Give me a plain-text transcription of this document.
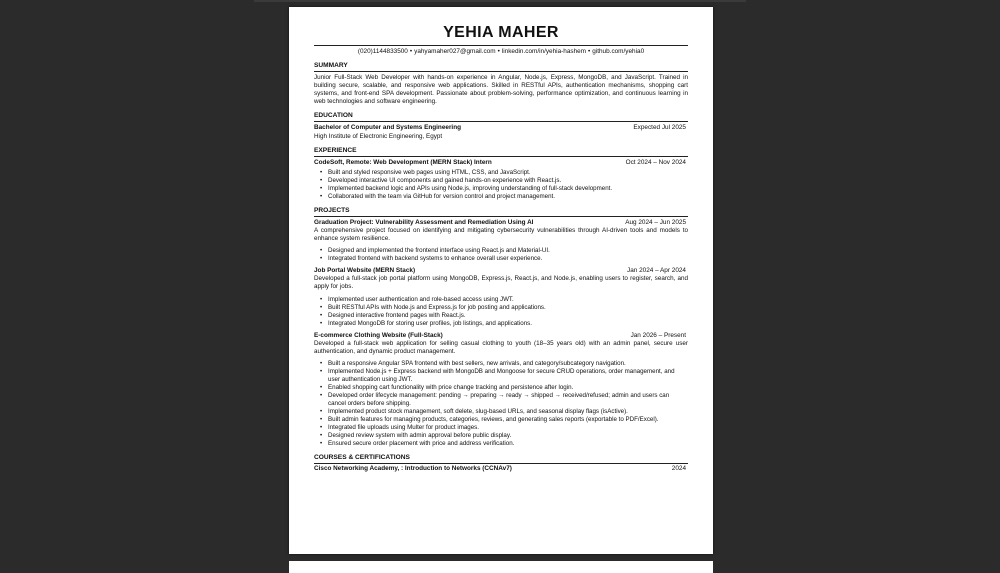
YEHIA MAHER
(020)1144833500 • yahyamaher027@gmail.com • linkedin.com/in/yehia-hashem • github.com/yehia0
SUMMARY
Junior Full-Stack Web Developer with hands-on experience in Angular, Node.js, Express, MongoDB, and JavaScript. Trained in building secure, scalable, and responsive web applications. Skilled in RESTful APIs, authentication mechanisms, shopping cart systems, and front-end SPA development. Passionate about problem-solving, performance optimization, and continuous learning in web technologies and software engineering.
EDUCATION
Bachelor of Computer and Systems Engineering	Expected Jul 2025
High Institute of Electronic Engineering, Egypt
EXPERIENCE
CodeSoft, Remote: Web Development (MERN Stack) Intern	Oct 2024 – Nov 2024
• Built and styled responsive web pages using HTML, CSS, and JavaScript.
• Developed interactive UI components and gained hands-on experience with React.js.
• Implemented backend logic and APIs using Node.js, improving understanding of full-stack development.
• Collaborated with the team via GitHub for version control and project management.
PROJECTS
Graduation Project: Vulnerability Assessment and Remediation Using AI	Aug 2024 – Jun 2025
A comprehensive project focused on identifying and mitigating cybersecurity vulnerabilities through AI-driven tools and models to enhance system resilience.
• Designed and implemented the frontend interface using React.js and Material-UI.
• Integrated frontend with backend systems to enhance overall user experience.
Job Portal Website (MERN Stack)	Jan 2024 – Apr 2024
Developed a full-stack job portal platform using MongoDB, Express.js, React.js, and Node.js, enabling users to register, search, and apply for jobs.
• Implemented user authentication and role-based access using JWT.
• Built RESTful APIs with Node.js and Express.js for job posting and applications.
• Designed interactive frontend pages with React.js.
• Integrated MongoDB for storing user profiles, job listings, and applications.
E-commerce Clothing Website (Full-Stack)	Jan 2026 – Present
Developed a full-stack web application for selling casual clothing to youth (18–35 years old) with an admin panel, secure user authentication, and dynamic product management.
• Built a responsive Angular SPA frontend with best sellers, new arrivals, and category/subcategory navigation.
• Implemented Node.js + Express backend with MongoDB and Mongoose for secure CRUD operations, order management, and user authentication using JWT.
• Enabled shopping cart functionality with price change tracking and persistence after login.
• Developed order lifecycle management: pending → preparing → ready → shipped → received/refused; admin and users can cancel orders before shipping.
• Implemented product stock management, soft delete, slug-based URLs, and seasonal display flags (isActive).
• Built admin features for managing products, categories, reviews, and generating sales reports (exportable to PDF/Excel).
• Integrated file uploads using Multer for product images.
• Designed review system with admin approval before public display.
• Ensured secure order placement with price and address verification.
COURSES & CERTIFICATIONS
Cisco Networking Academy, : Introduction to Networks (CCNAv7)	2024
